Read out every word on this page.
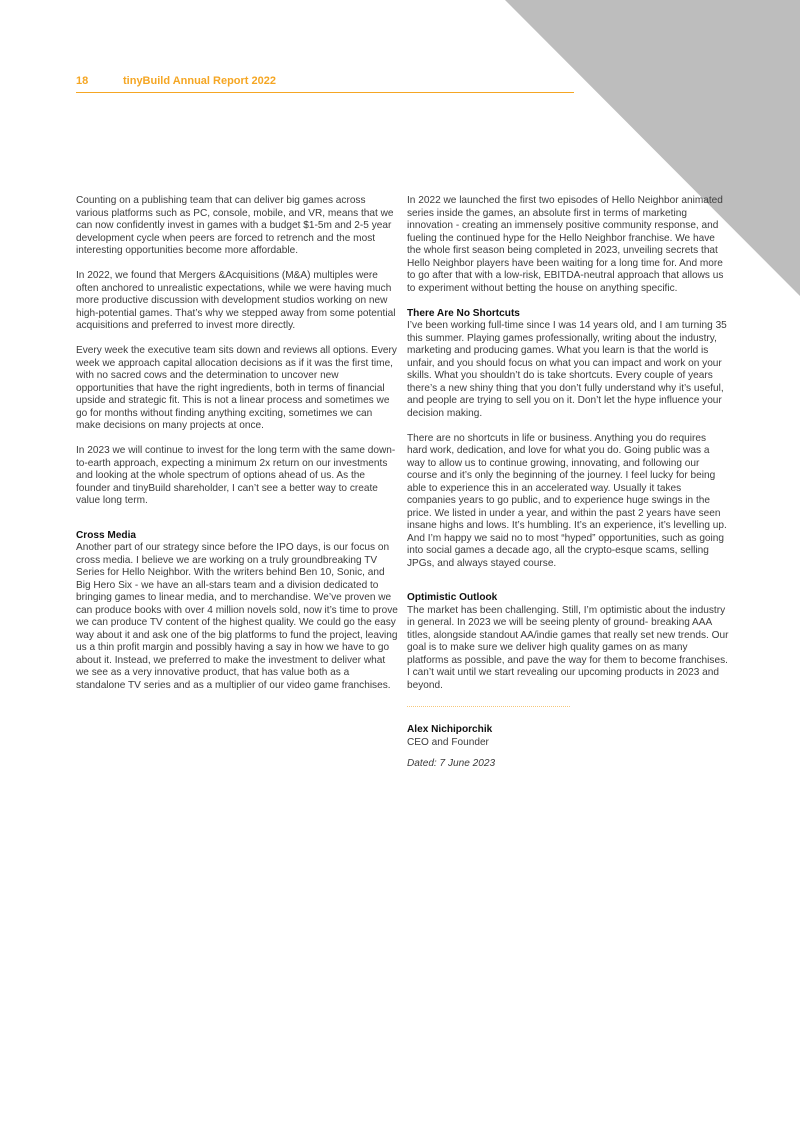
18	tinyBuild Annual Report 2022
Counting on a publishing team that can deliver big games across various platforms such as PC, console, mobile, and VR, means that we can now confidently invest in games with a budget $1-5m and 2-5 year development cycle when peers are forced to retrench and the most interesting opportunities become more affordable.
In 2022, we found that Mergers &Acquisitions (M&A) multiples were often anchored to unrealistic expectations, while we were having much more productive discussion with development studios working on new high-potential games. That’s why we stepped away from some potential acquisitions and preferred to invest more directly.
Every week the executive team sits down and reviews all options. Every week we approach capital allocation decisions as if it was the first time, with no sacred cows and the determination to uncover new opportunities that have the right ingredients, both in terms of financial upside and strategic fit. This is not a linear process and sometimes we go for months without finding anything exciting, sometimes we can make decisions on many projects at once.
In 2023 we will continue to invest for the long term with the same down-to-earth approach, expecting a minimum 2x return on our investments and looking at the whole spectrum of options ahead of us. As the founder and tinyBuild shareholder, I can’t see a better way to create value long term.
Cross Media
Another part of our strategy since before the IPO days, is our focus on cross media. I believe we are working on a truly groundbreaking TV Series for Hello Neighbor. With the writers behind Ben 10, Sonic, and Big Hero Six - we have an all-stars team and a division dedicated to bringing games to linear media, and to merchandise. We’ve proven we can produce books with over 4 million novels sold, now it’s time to prove we can produce TV content of the highest quality. We could go the easy way about it and ask one of the big platforms to fund the project, leaving us a thin profit margin and possibly having a say in how we have to go about it. Instead, we preferred to make the investment to deliver what we see as a very innovative product, that has value both as a standalone TV series and as a multiplier of our video game franchises.
In 2022 we launched the first two episodes of Hello Neighbor animated series inside the games, an absolute first in terms of marketing innovation - creating an immensely positive community response, and fueling the continued hype for the Hello Neighbor franchise. We have the whole first season being completed in 2023, unveiling secrets that Hello Neighbor players have been waiting for a long time for. And more to go after that with a low-risk, EBITDA-neutral approach that allows us to experiment without betting the house on anything specific.
There Are No Shortcuts
I’ve been working full-time since I was 14 years old, and I am turning 35 this summer. Playing games professionally, writing about the industry, marketing and producing games. What you learn is that the world is unfair, and you should focus on what you can impact and work on your skills. What you shouldn’t do is take shortcuts. Every couple of years there’s a new shiny thing that you don’t fully understand why it’s useful, and people are trying to sell you on it. Don’t let the hype influence your decision making.
There are no shortcuts in life or business. Anything you do requires hard work, dedication, and love for what you do. Going public was a way to allow us to continue growing, innovating, and following our course and it’s only the beginning of the journey. I feel lucky for being able to experience this in an accelerated way. Usually it takes companies years to go public, and to experience huge swings in the price. We listed in under a year, and within the past 2 years have seen insane highs and lows. It’s humbling. It’s an experience, it’s levelling up. And I’m happy we said no to most “hyped” opportunities, such as going into social games a decade ago, all the crypto-esque scams, selling JPGs, and always stayed course.
Optimistic Outlook
The market has been challenging. Still, I’m optimistic about the industry in general. In 2023 we will be seeing plenty of ground- breaking AAA titles, alongside standout AA/indie games that really set new trends. Our goal is to make sure we deliver high quality games on as many platforms as possible, and pave the way for them to become franchises. I can’t wait until we start revealing our upcoming products in 2023 and beyond.
Alex Nichiporchik
CEO and Founder
Dated: 7 June 2023
